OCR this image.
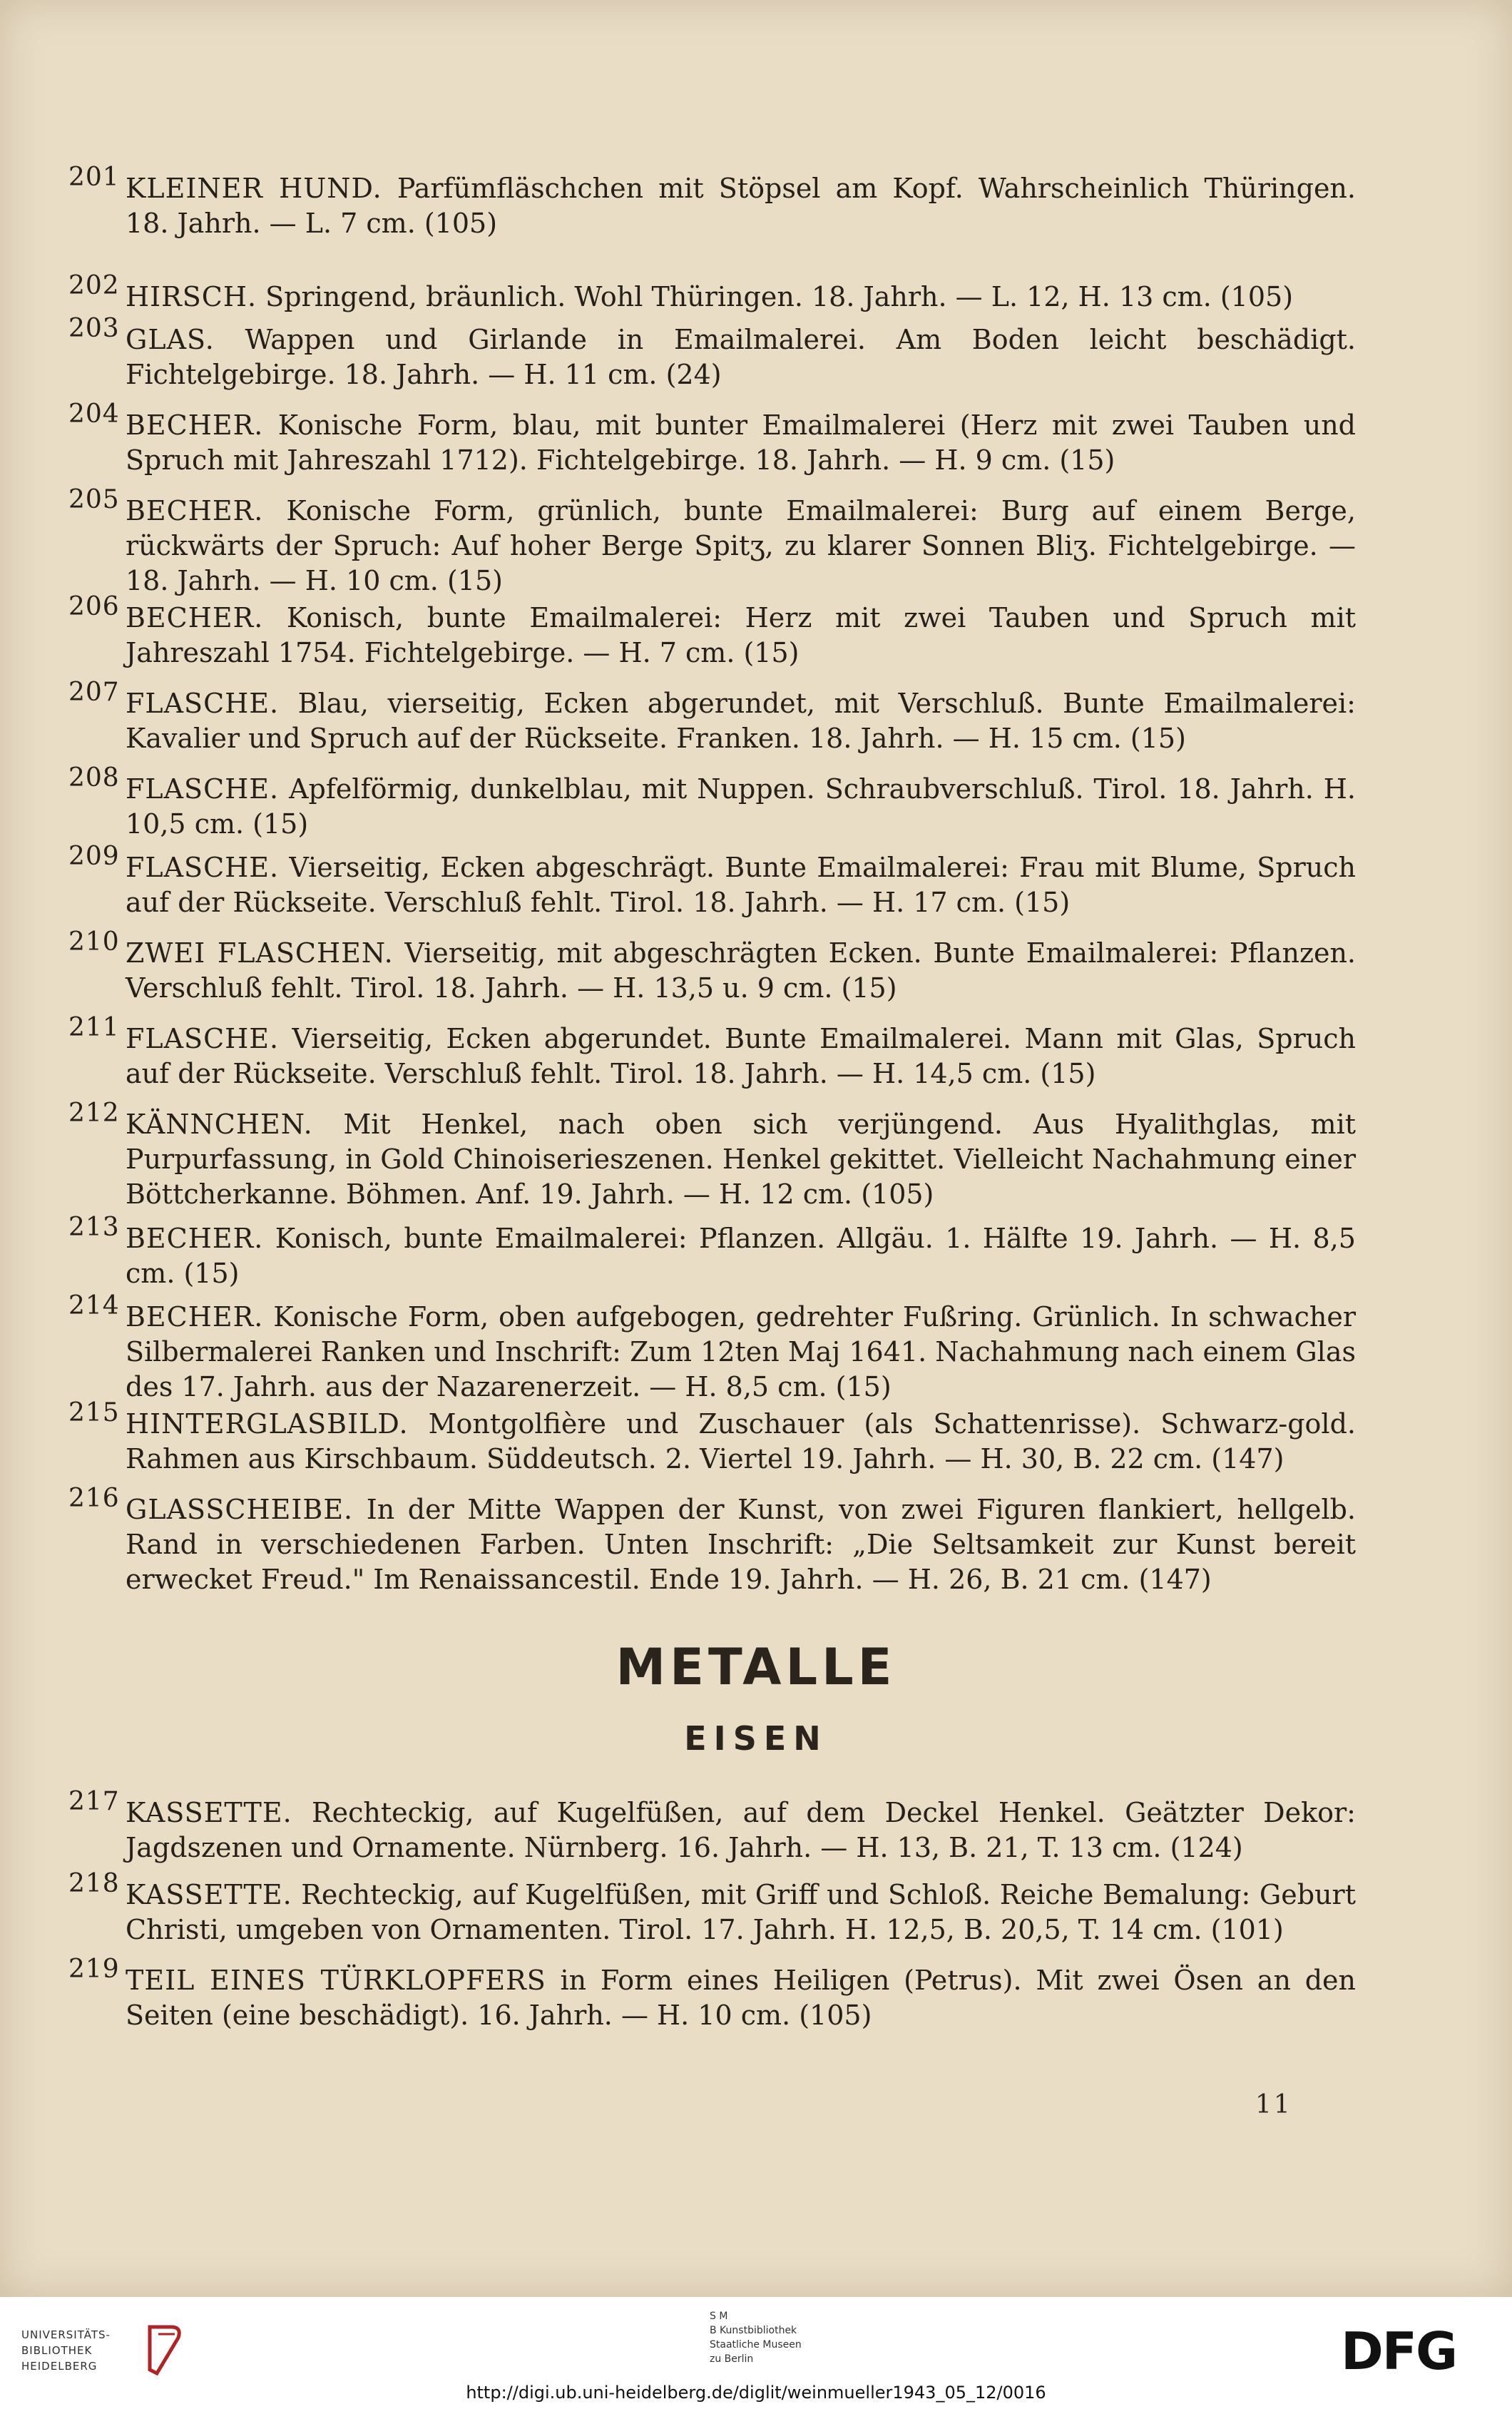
201 KLEINER HUND. Parfümfläschchen mit Stöpsel am Kopf. Wahrscheinlich Thüringen. 18. Jahrh. — L. 7 cm. (105)
202 HIRSCH. Springend, bräunlich. Wohl Thüringen. 18. Jahrh. — L. 12, H. 13 cm. (105)
203 GLAS. Wappen und Girlande in Emailmalerei. Am Boden leicht beschädigt. Fichtelgebirge. 18. Jahrh. — H. 11 cm. (24)
204 BECHER. Konische Form, blau, mit bunter Emailmalerei (Herz mit zwei Tauben und Spruch mit Jahreszahl 1712). Fichtelgebirge. 18. Jahrh. — H. 9 cm. (15)
205 BECHER. Konische Form, grünlich, bunte Emailmalerei: Burg auf einem Berge, rückwärts der Spruch: Auf hoher Berge Spitʒ, zu klarer Sonnen Bliʒ. Fichtelgebirge. — 18. Jahrh. — H. 10 cm. (15)
206 BECHER. Konisch, bunte Emailmalerei: Herz mit zwei Tauben und Spruch mit Jahreszahl 1754. Fichtelgebirge. — H. 7 cm. (15)
207 FLASCHE. Blau, vierseitig, Ecken abgerundet, mit Verschluß. Bunte Emailmalerei: Kavalier und Spruch auf der Rückseite. Franken. 18. Jahrh. — H. 15 cm. (15)
208 FLASCHE. Apfelförmig, dunkelblau, mit Nuppen. Schraubverschluß. Tirol. 18. Jahrh. H. 10,5 cm. (15)
209 FLASCHE. Vierseitig, Ecken abgeschrägt. Bunte Emailmalerei: Frau mit Blume, Spruch auf der Rückseite. Verschluß fehlt. Tirol. 18. Jahrh. — H. 17 cm. (15)
210 ZWEI FLASCHEN. Vierseitig, mit abgeschrägten Ecken. Bunte Emailmalerei: Pflanzen. Verschluß fehlt. Tirol. 18. Jahrh. — H. 13,5 u. 9 cm. (15)
211 FLASCHE. Vierseitig, Ecken abgerundet. Bunte Emailmalerei. Mann mit Glas, Spruch auf der Rückseite. Verschluß fehlt. Tirol. 18. Jahrh. — H. 14,5 cm. (15)
212 KÄNNCHEN. Mit Henkel, nach oben sich verjüngend. Aus Hyalithglas, mit Purpurfassung, in Gold Chinoiserieszenen. Henkel gekittet. Vielleicht Nachahmung einer Böttcherkanne. Böhmen. Anf. 19. Jahrh. — H. 12 cm. (105)
213 BECHER. Konisch, bunte Emailmalerei: Pflanzen. Allgäu. 1. Hälfte 19. Jahrh. — H. 8,5 cm. (15)
214 BECHER. Konische Form, oben aufgebogen, gedrehter Fußring. Grünlich. In schwacher Silbermalerei Ranken und Inschrift: Zum 12ten Maj 1641. Nachahmung nach einem Glas des 17. Jahrh. aus der Nazarenerzeit. — H. 8,5 cm. (15)
215 HINTERGLASBILD. Montgolfière und Zuschauer (als Schattenrisse). Schwarz-gold. Rahmen aus Kirschbaum. Süddeutsch. 2. Viertel 19. Jahrh. — H. 30, B. 22 cm. (147)
216 GLASSCHEIBE. In der Mitte Wappen der Kunst, von zwei Figuren flankiert, hellgelb. Rand in verschiedenen Farben. Unten Inschrift: „Die Seltsamkeit zur Kunst bereit erwecket Freud." Im Renaissancestil. Ende 19. Jahrh. — H. 26, B. 21 cm. (147)
217 KASSETTE. Rechteckig, auf Kugelfüßen, auf dem Deckel Henkel. Geätzter Dekor: Jagdszenen und Ornamente. Nürnberg. 16. Jahrh. — H. 13, B. 21, T. 13 cm. (124)
218 KASSETTE. Rechteckig, auf Kugelfüßen, mit Griff und Schloß. Reiche Bemalung: Geburt Christi, umgeben von Ornamenten. Tirol. 17. Jahrh. H. 12,5, B. 20,5, T. 14 cm. (101)
219 TEIL EINES TÜRKLOPFERS in Form eines Heiligen (Petrus). Mit zwei Ösen an den Seiten (eine beschädigt). 16. Jahrh. — H. 10 cm. (105)
METALLE
EISEN
11
UNIVERSITÄTS-
BIBLIOTHEK
HEIDELBERG
S M
B Kunstbibliothek
Staatliche Museen
zu Berlin	DFG
http://digi.ub.uni-heidelberg.de/diglit/weinmueller1943_05_12/0016
